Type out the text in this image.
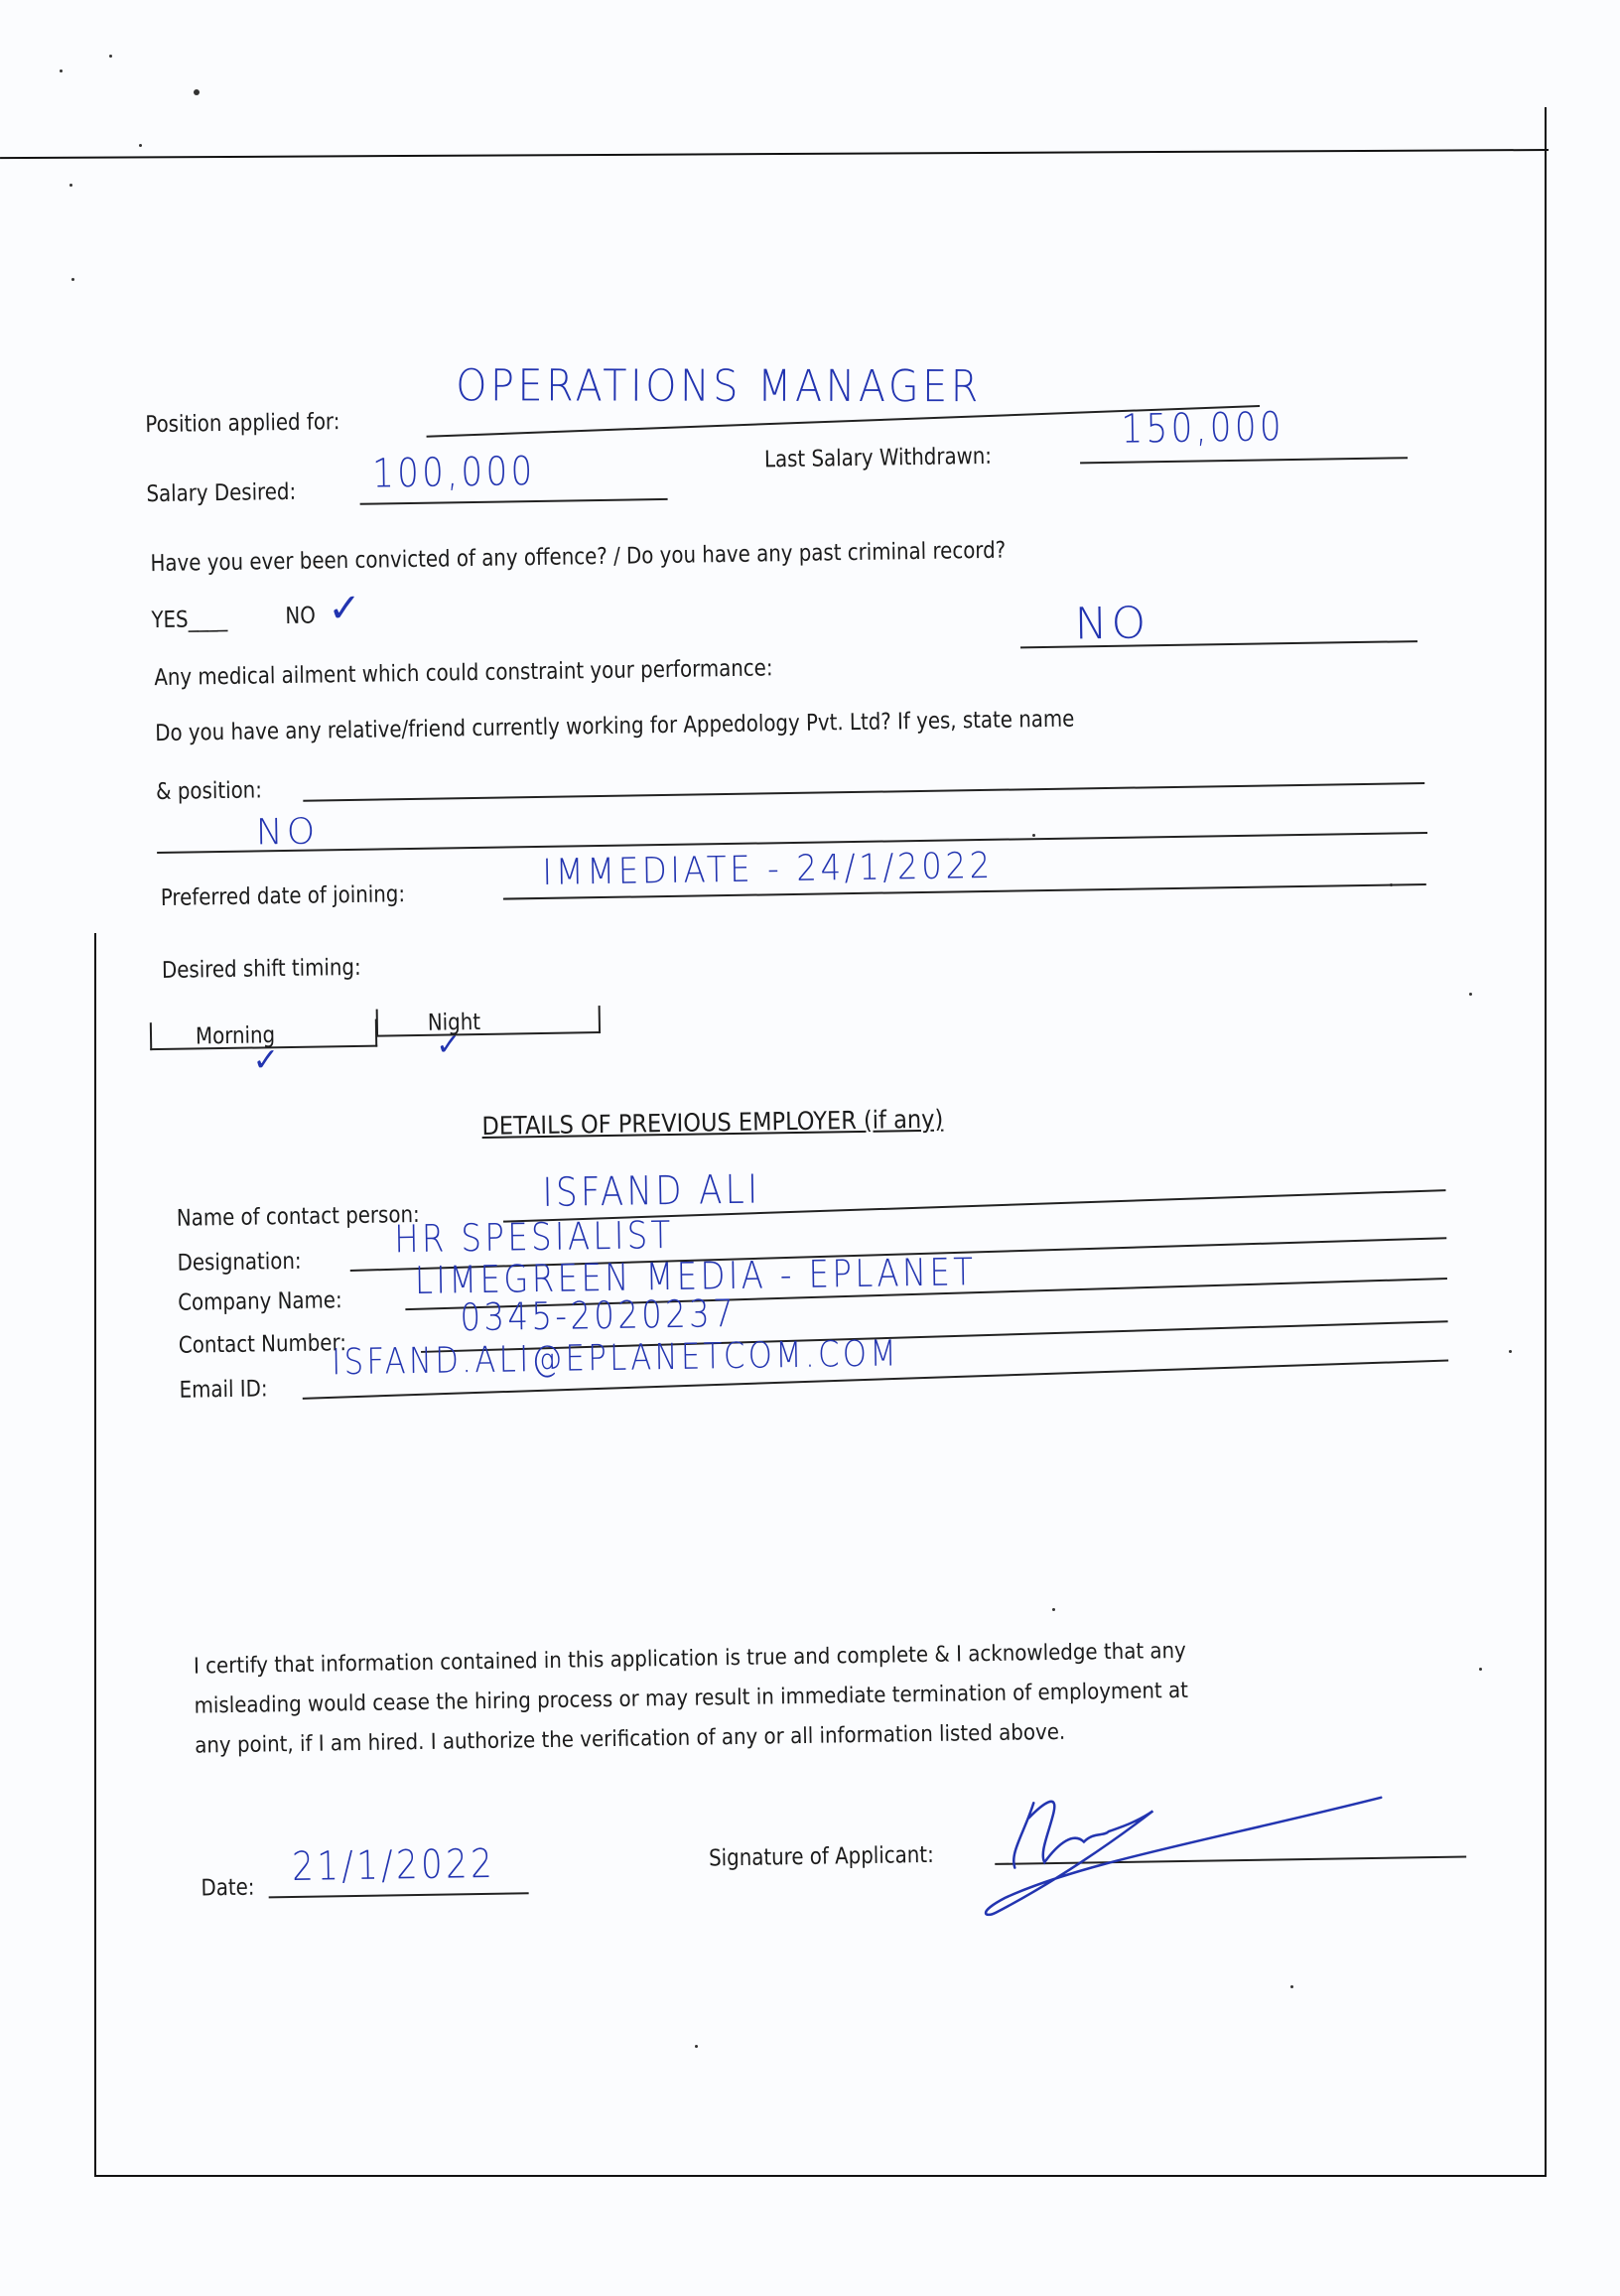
Position applied for:
OPERATIONS MANAGER
Salary Desired: 100,000	Last Salary Withdrawn:
150,000
Have you ever been convicted of any offence? / Do you have any past criminal record?
YES____	NO ✓
Any medical ailment which could constraint your performance:
NO
Do you have any relative/friend currently working for Appedology Pvt. Ltd? If yes, state name
& position:
NO
Preferred date of joining:
IMMEDIATE - 24/1/2022
Desired shift timing:
Morning
✓
Night
✓
DETAILS OF PREVIOUS EMPLOYER (if any)
Name of contact person:
ISFAND ALI
Designation:
HR SPESIALIST
Company Name: LIMEGREEN MEDIA - EPLANET
Contact Number:
0345-2020237
Email ID:
ISFAND.ALI@EPLANETCOM.COM
I certify that information contained in this application is true and complete & I acknowledge that any
misleading would cease the hiring process or may result in immediate termination of employment at
any point, if I am hired. I authorize the verification of any or all information listed above.
Date: 21/1/2022	Signature of Applicant:
